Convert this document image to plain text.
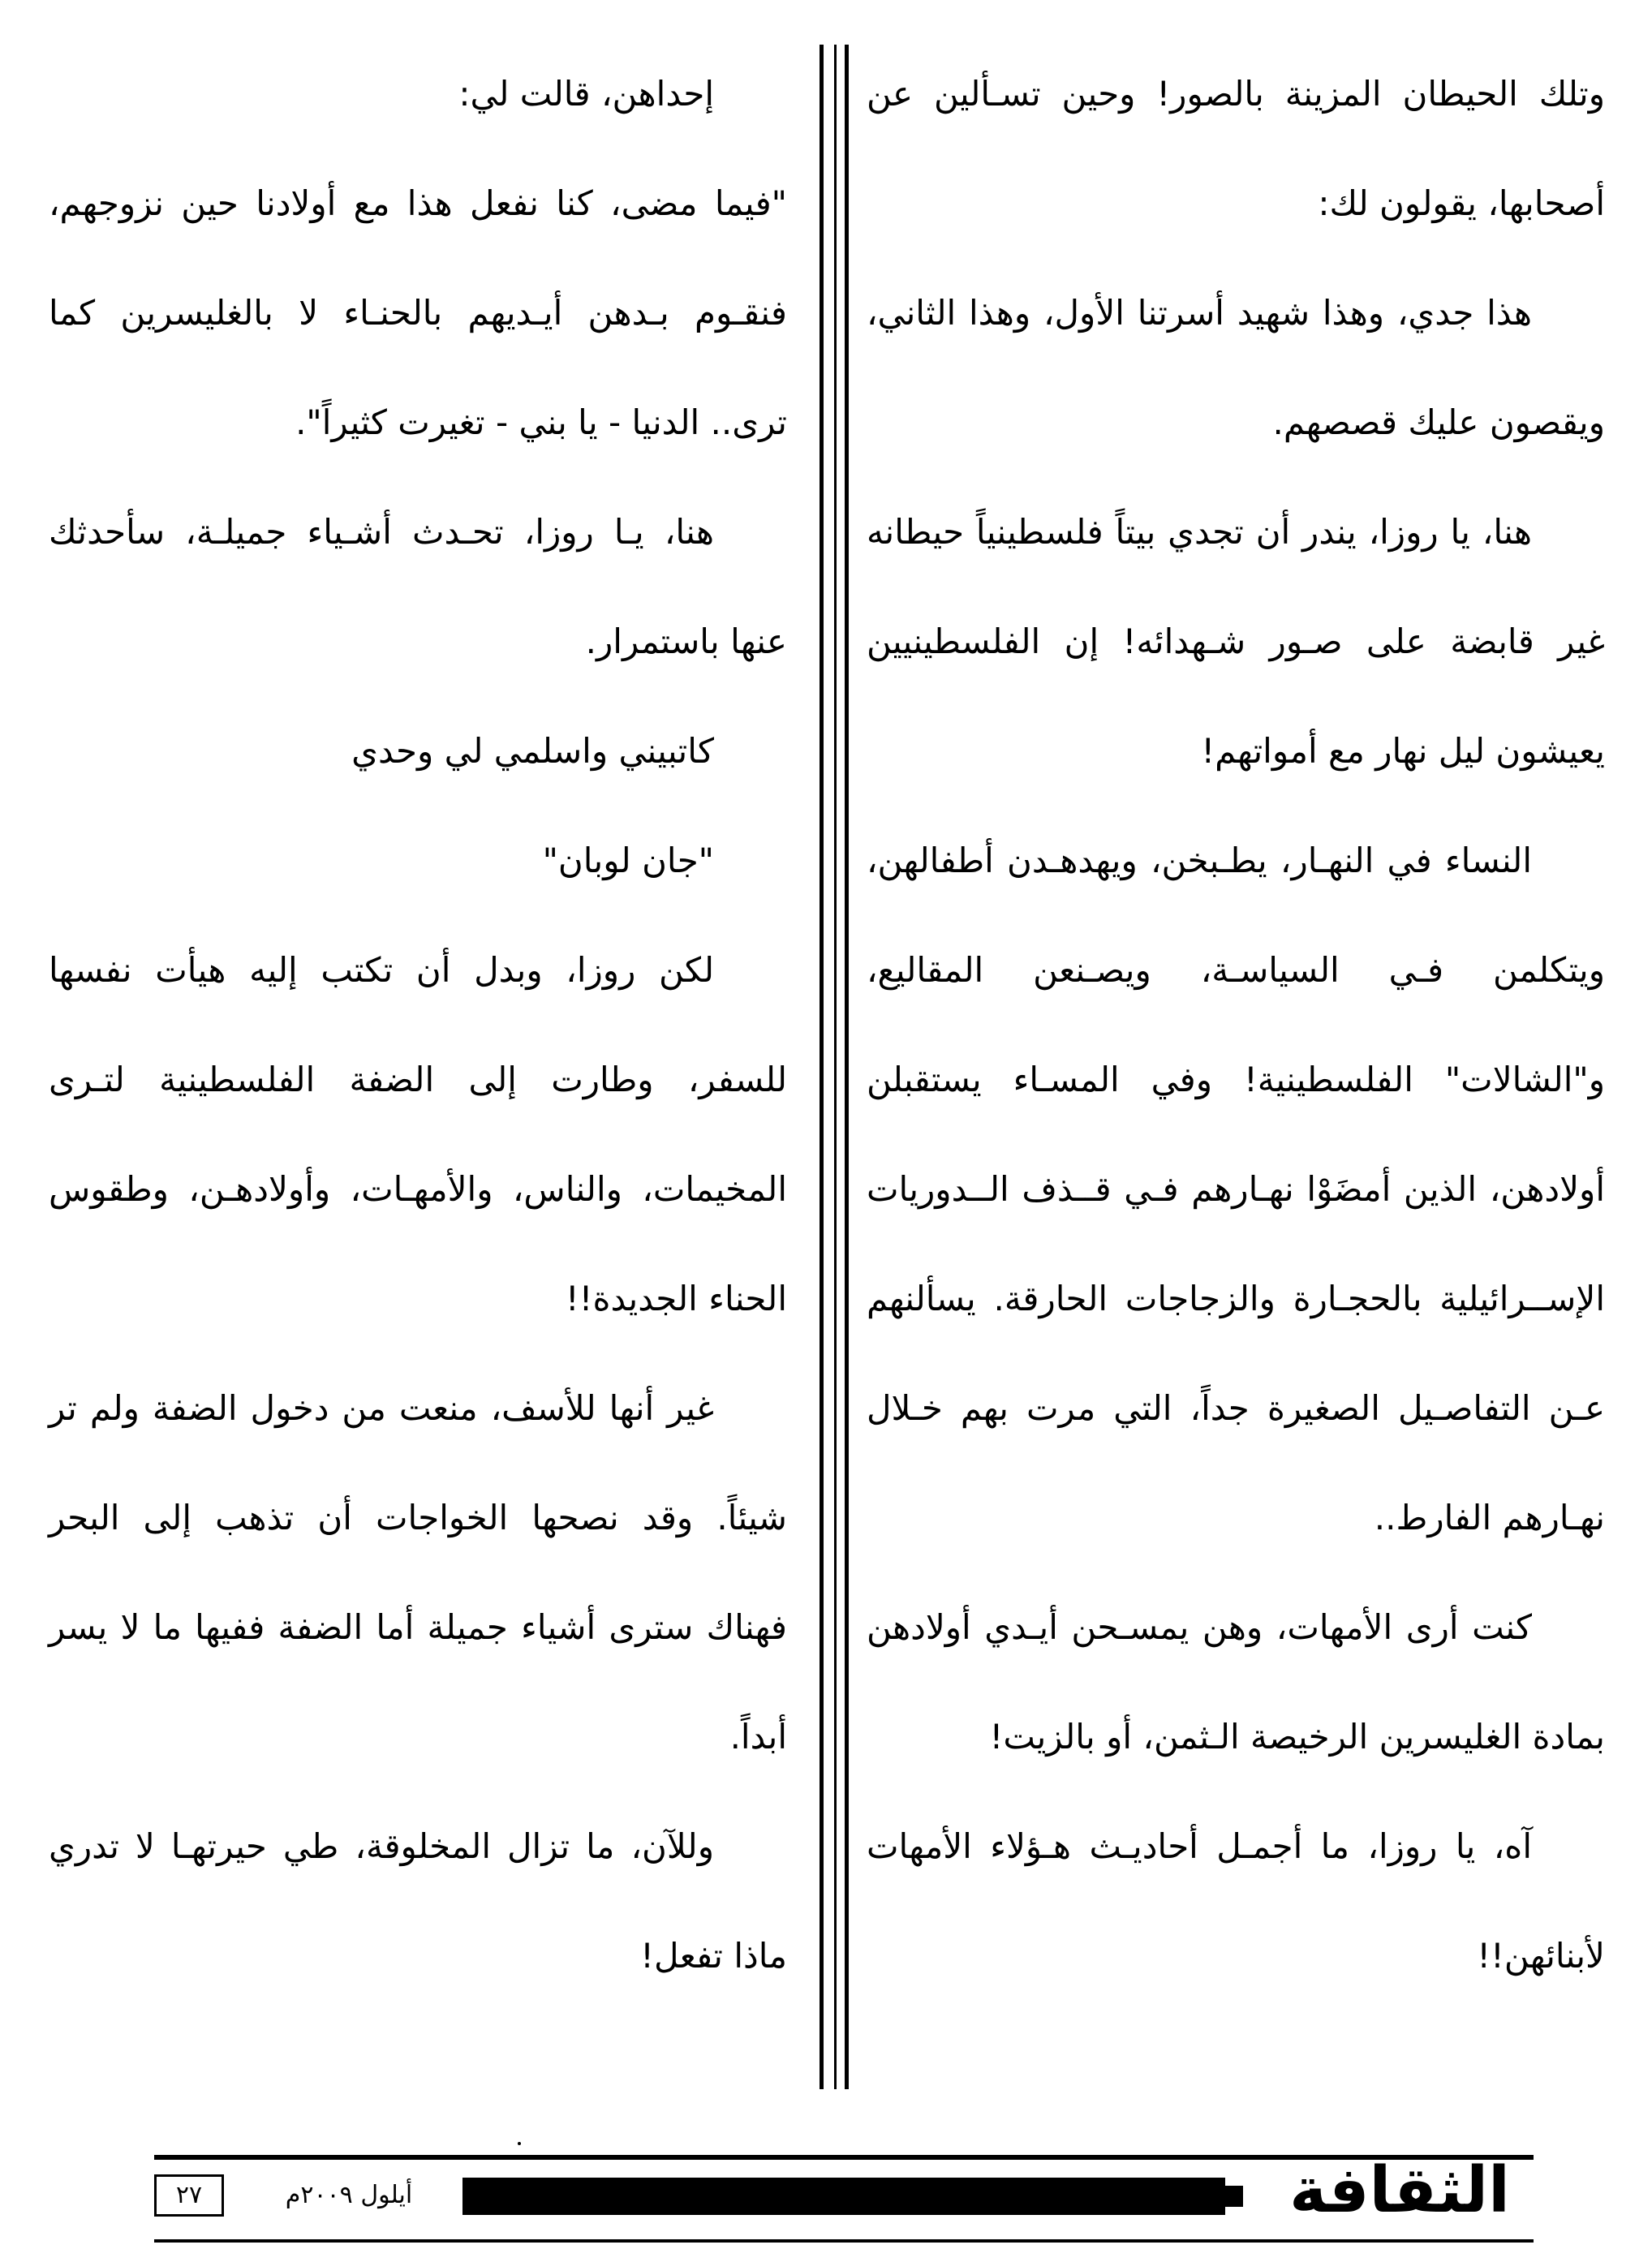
وتلك الحيطان المزينة بالصور! وحين تسـألين عن أصحابها، يقولون لك:

هذا جدي، وهذا شهيد أسرتنا الأول، وهذا الثاني، ويقصون عليك قصصهم.

هنا، يا روزا، يندر أن تجدي بيتاً فلسطينياً حيطانه غير قابضة على صـور شـهدائه! إن الفلسطينيين يعيشون ليل نهار مع أمواتهم!

النساء في النهـار، يطـبخن، ويهدهـدن أطفالهن، ويتكلمن فـي السياسـة، ويصـنعن المقاليع، و"الشالات" الفلسطينية! وفي المسـاء يستقبلن أولادهن، الذين أمضَوْا نهـارهم فـي قــذف الــدوريات الإســرائيلية بالحجـارة والزجاجات الحارقة. يسألنهم عـن التفاصـيل الصغيرة جداً، التي مرت بهم خـلال نهـارهم الفارط..

كنت أرى الأمهات، وهن يمسـحن أيـدي أولادهن بمادة الغليسرين الرخيصة الـثمن، أو بالزيت!

آه، يا روزا، ما أجمـل أحاديـث هـؤلاء الأمهات لأبنائهن!!

إحداهن، قالت لي:

"فيما مضى، كنا نفعل هذا مع أولادنا حين نزوجهم، فنقـوم بـدهن أيـديهم بالحنـاء لا بالغليسرين كما ترى.. الدنيا - يا بني - تغيرت كثيراً".

هنا، يـا روزا، تحـدث أشـياء جميلـة، سأحدثك عنها باستمرار.

كاتبيني واسلمي لي وحدي

"جان لوبان"

لكن روزا، وبدل أن تكتب إليه هيأت نفسها للسفر، وطارت إلى الضفة الفلسطينية لتـرى المخيمات، والناس، والأمهـات، وأولادهـن، وطقوس الحناء الجديدة!!

غير أنها للأسف، منعت من دخول الضفة ولم تر شيئاً. وقد نصحها الخواجات أن تذهب إلى البحر فهناك سترى أشياء جميلة أما الضفة ففيها ما لا يسر أبداً.

وللآن، ما تزال المخلوقة، طي حيرتهـا لا تدري ماذا تفعل!

الثقافة
أيلول ٢٠٠٩م
٢٧
